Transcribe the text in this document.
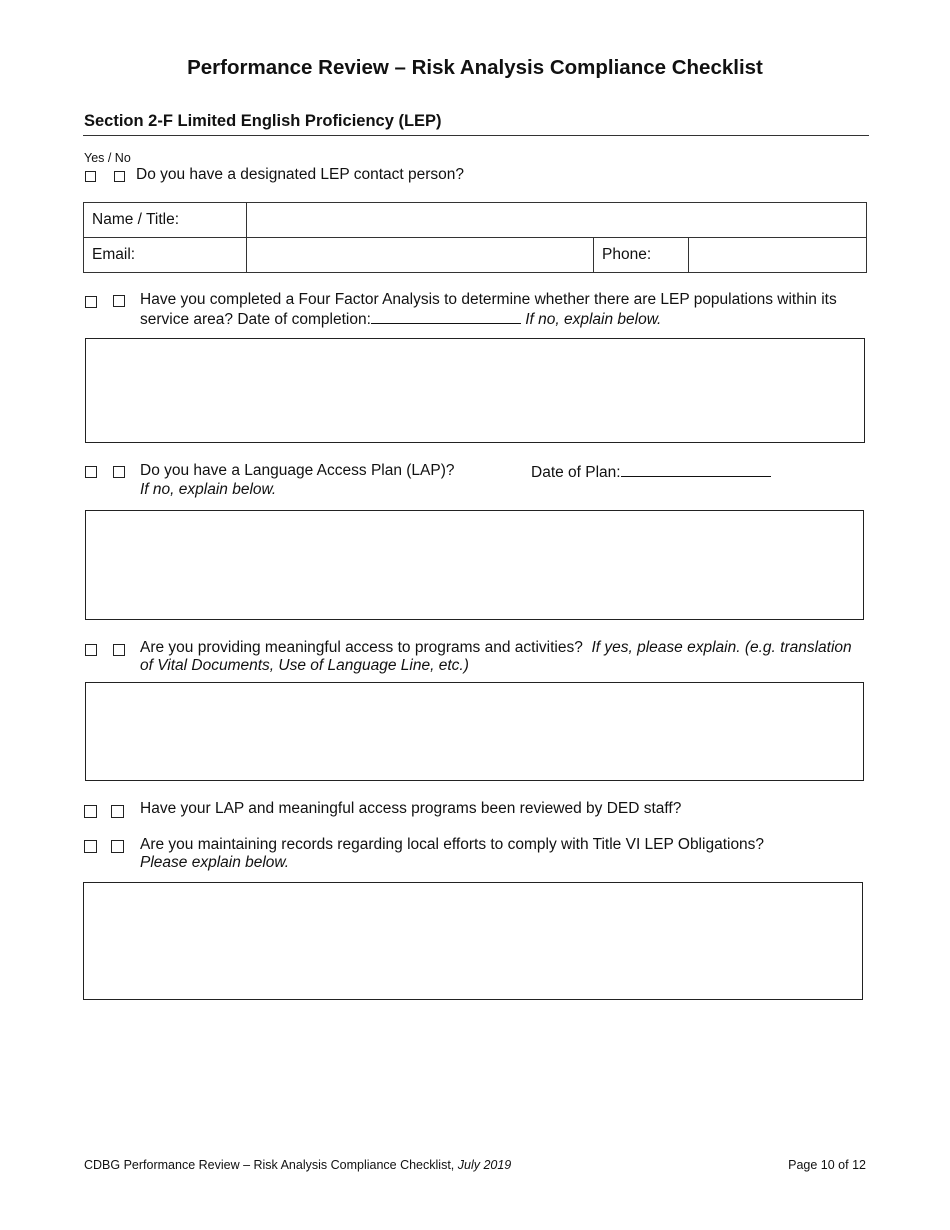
Performance Review – Risk Analysis Compliance Checklist
Section 2-F Limited English Proficiency (LEP)
Yes / No
Do you have a designated LEP contact person?
Name / Title:			
Email:		Phone:	
Have you completed a Four Factor Analysis to determine whether there are LEP populations within its
service area? Date of completion:	If no, explain below.
Do you have a Language Access Plan (LAP)?	Date of Plan:
If no, explain below.
Are you providing meaningful access to programs and activities? If yes, please explain. (e.g. translation
of Vital Documents, Use of Language Line, etc.)
Have your LAP and meaningful access programs been reviewed by DED staff?
Are you maintaining records regarding local efforts to comply with Title VI LEP Obligations?
Please explain below.
CDBG Performance Review – Risk Analysis Compliance Checklist, July 2019	Page 10 of 12
